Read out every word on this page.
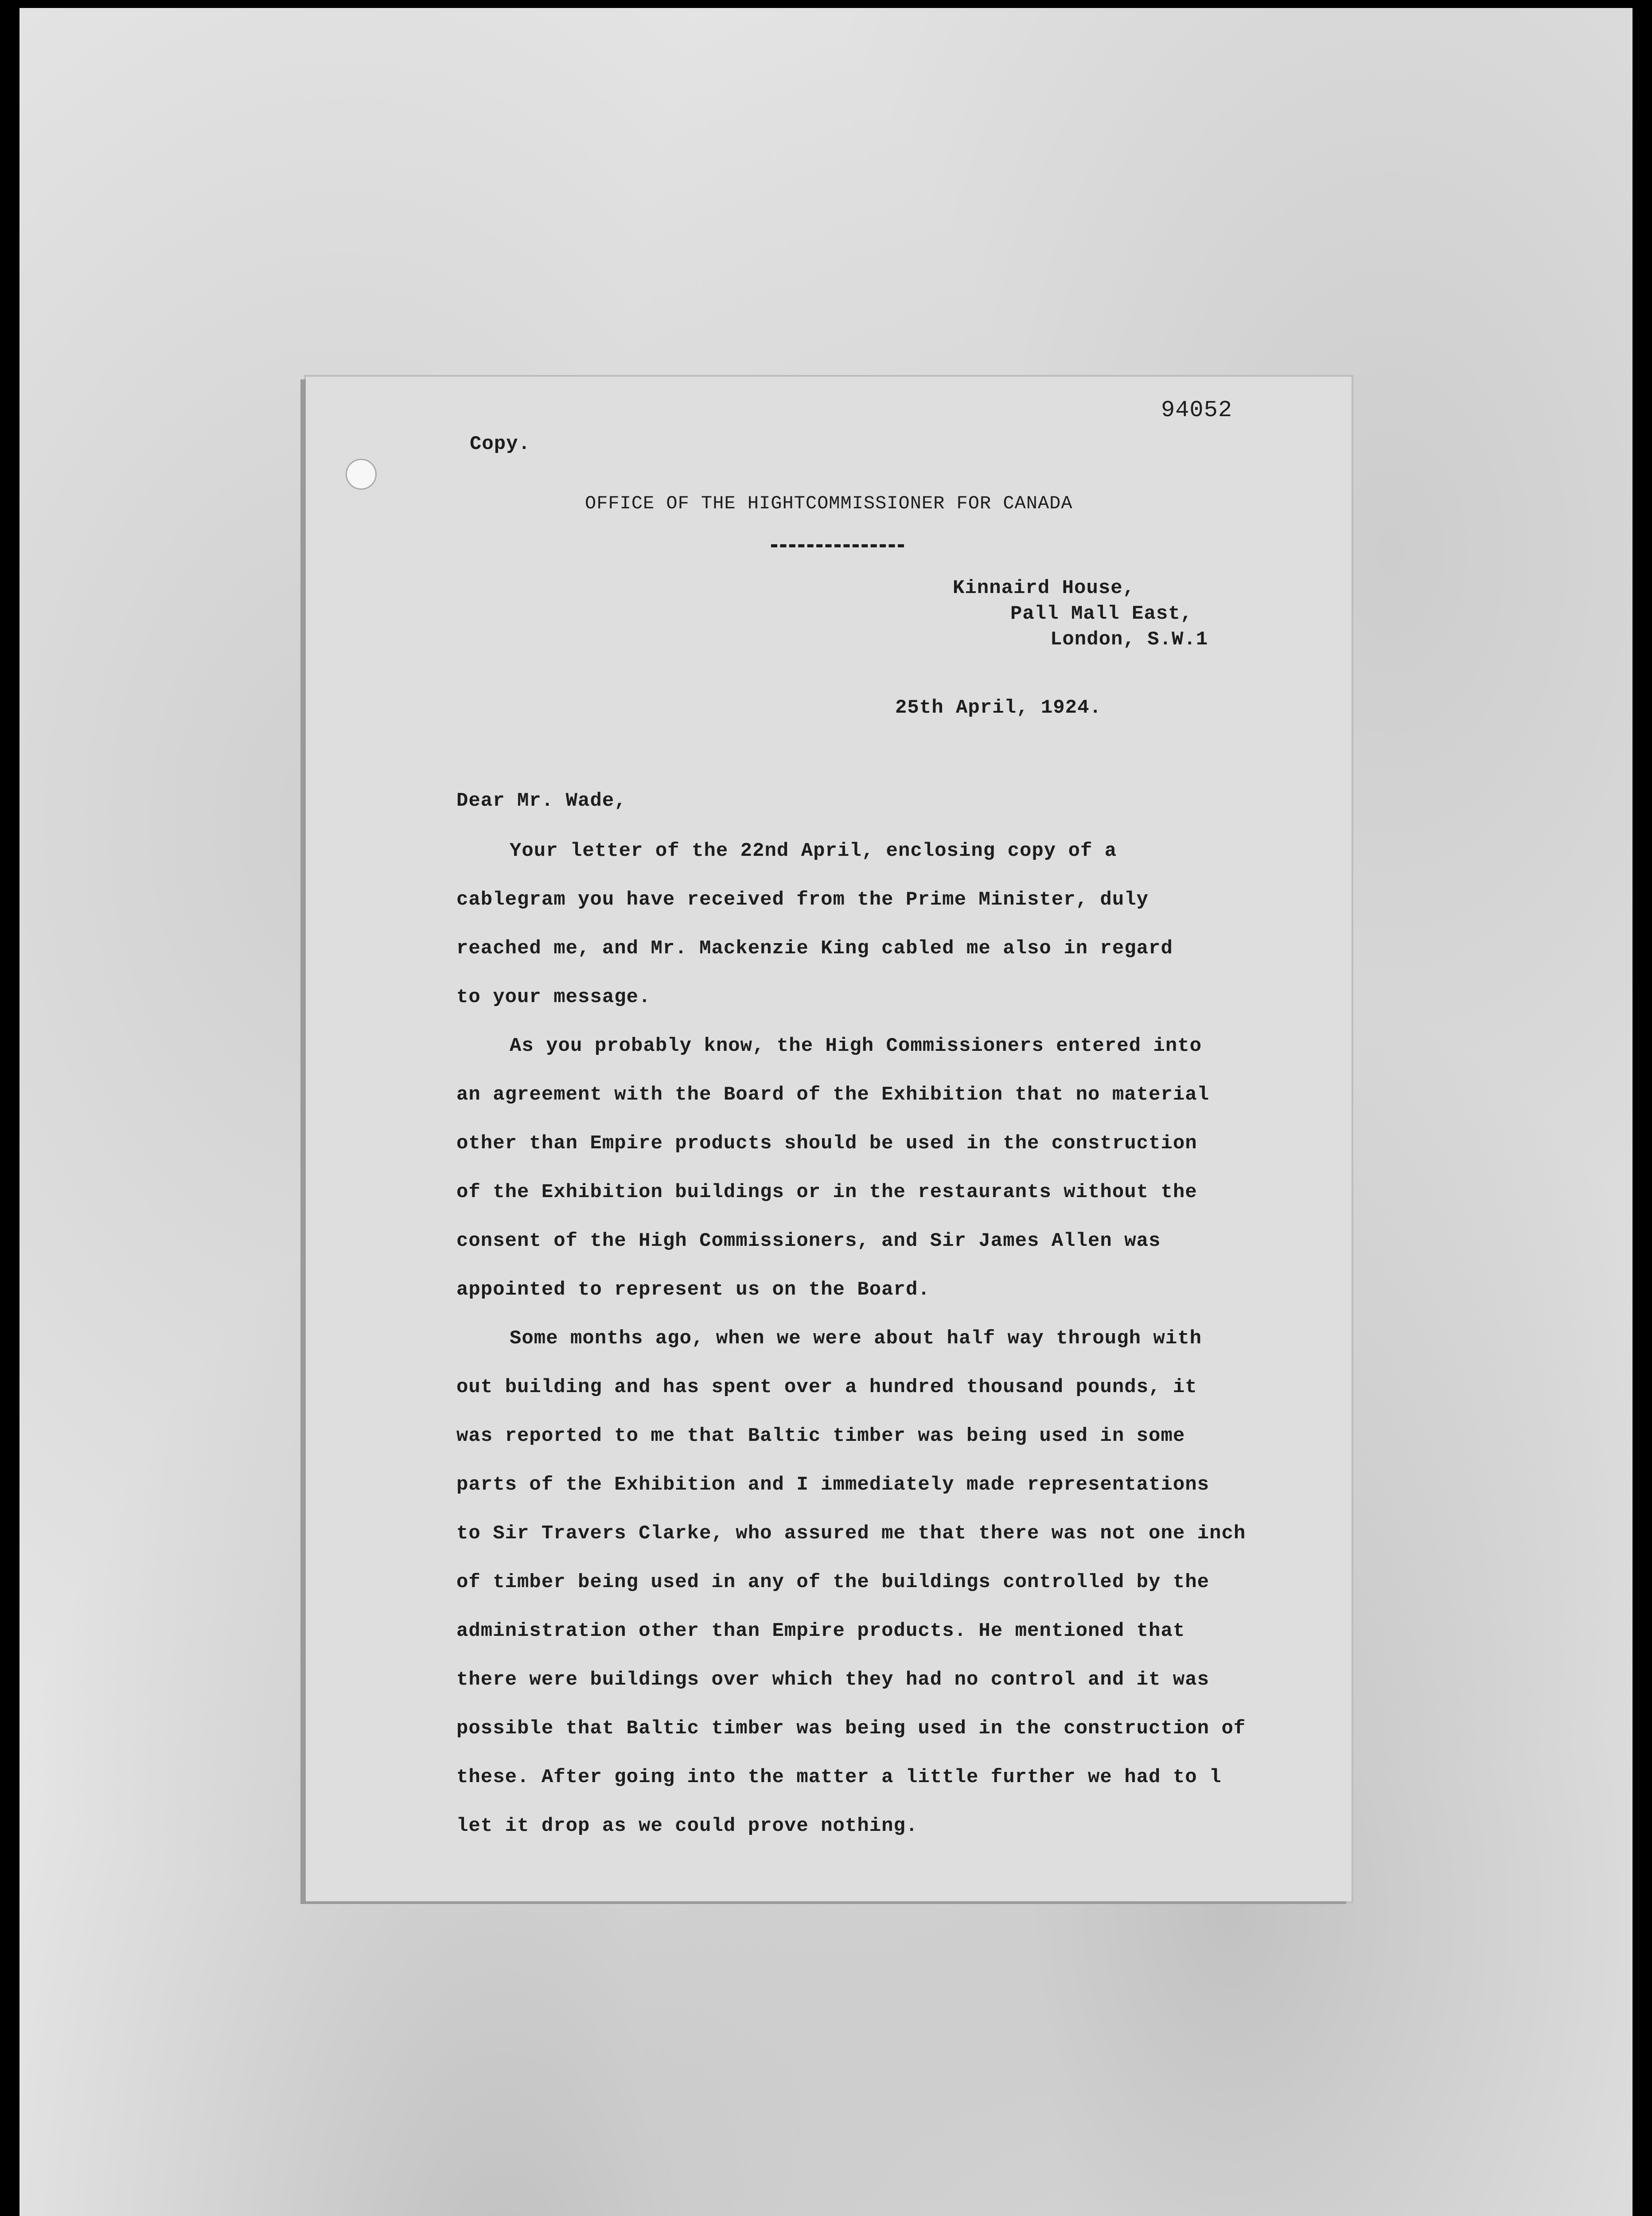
94052
Copy.
OFFICE OF THE HIGHTCOMMISSIONER FOR CANADA
Kinnaird House,
Pall Mall East,
London, S.W.1
25th April, 1924.
Dear Mr. Wade,
Your letter of the 22nd April, enclosing copy of a
cablegram you have received from the Prime Minister, duly
reached me, and Mr. Mackenzie King cabled me also in regard
to your message.
As you probably know, the High Commissioners entered into
an agreement with the Board of the Exhibition that no material
other than Empire products should be used in the construction
of the Exhibition buildings or in the restaurants without the
consent of the High Commissioners, and Sir James Allen was
appointed to represent us on the Board.
Some months ago, when we were about half way through with
out building and has spent over a hundred thousand pounds, it
was reported to me that Baltic timber was being used in some
parts of the Exhibition and I immediately made representations
to Sir Travers Clarke, who assured me that there was not one inch
of timber being used in any of the buildings controlled by the
administration other than Empire products. He mentioned that
there were buildings over which they had no control and it was
possible that Baltic timber was being used in the construction of
these. After going into the matter a little further we had to l
let it drop as we could prove nothing.
